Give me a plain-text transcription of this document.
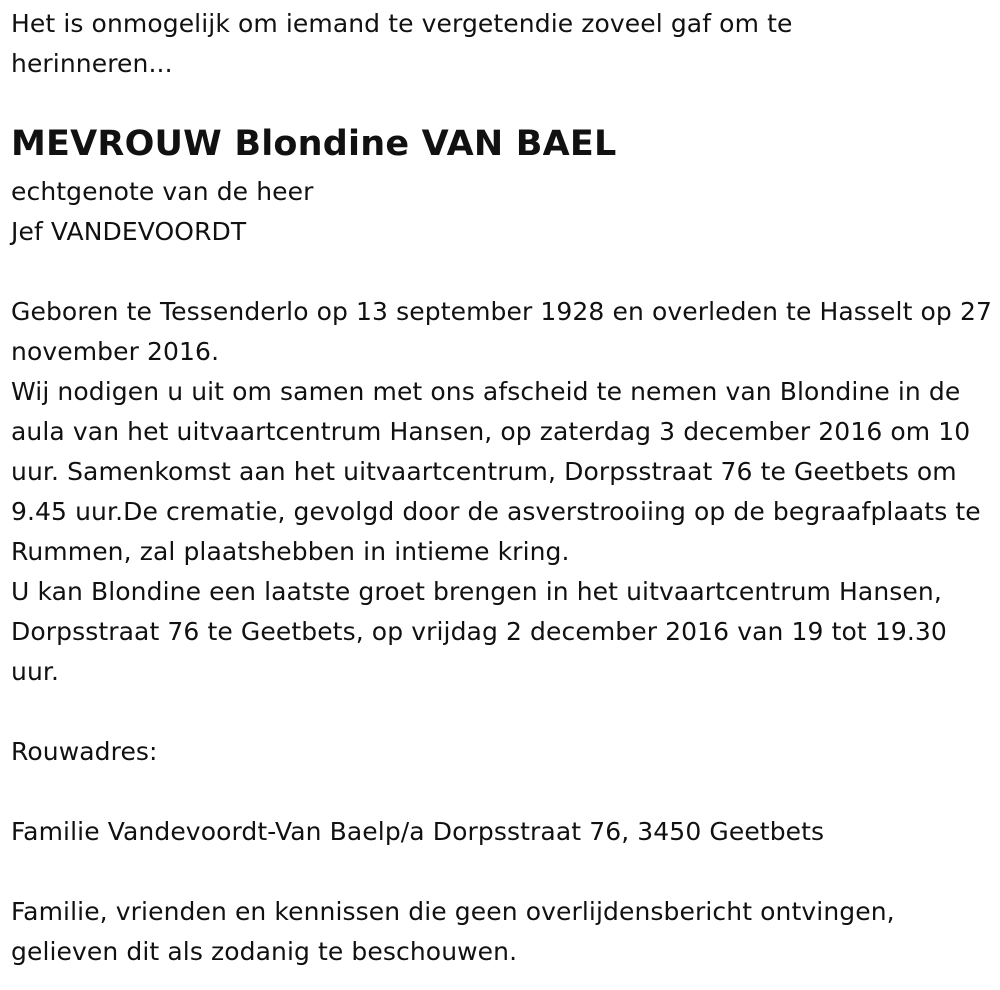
Het is onmogelijk om iemand te vergetendie zoveel gaf om te herinneren...

MEVROUW Blondine VAN BAEL
echtgenote van de heer
Jef VANDEVOORDT
Geboren te Tessenderlo op 13 september 1928 en overleden te Hasselt op 27 november 2016.
Wij nodigen u uit om samen met ons afscheid te nemen van Blondine in de aula van het uitvaartcentrum Hansen, op zaterdag 3 december 2016 om 10 uur. Samenkomst aan het uitvaartcentrum, Dorpsstraat 76 te Geetbets om 9.45 uur.De crematie, gevolgd door de asverstrooiing op de begraafplaats te Rummen, zal plaatshebben in intieme kring.
U kan Blondine een laatste groet brengen in het uitvaartcentrum Hansen, Dorpsstraat 76 te Geetbets, op vrijdag 2 december 2016 van 19 tot 19.30 uur.

Rouwadres:

Familie Vandevoordt-Van Baelp/a Dorpsstraat 76, 3450 Geetbets

Familie, vrienden en kennissen die geen overlijdensbericht ontvingen, gelieven dit als zodanig te beschouwen.
